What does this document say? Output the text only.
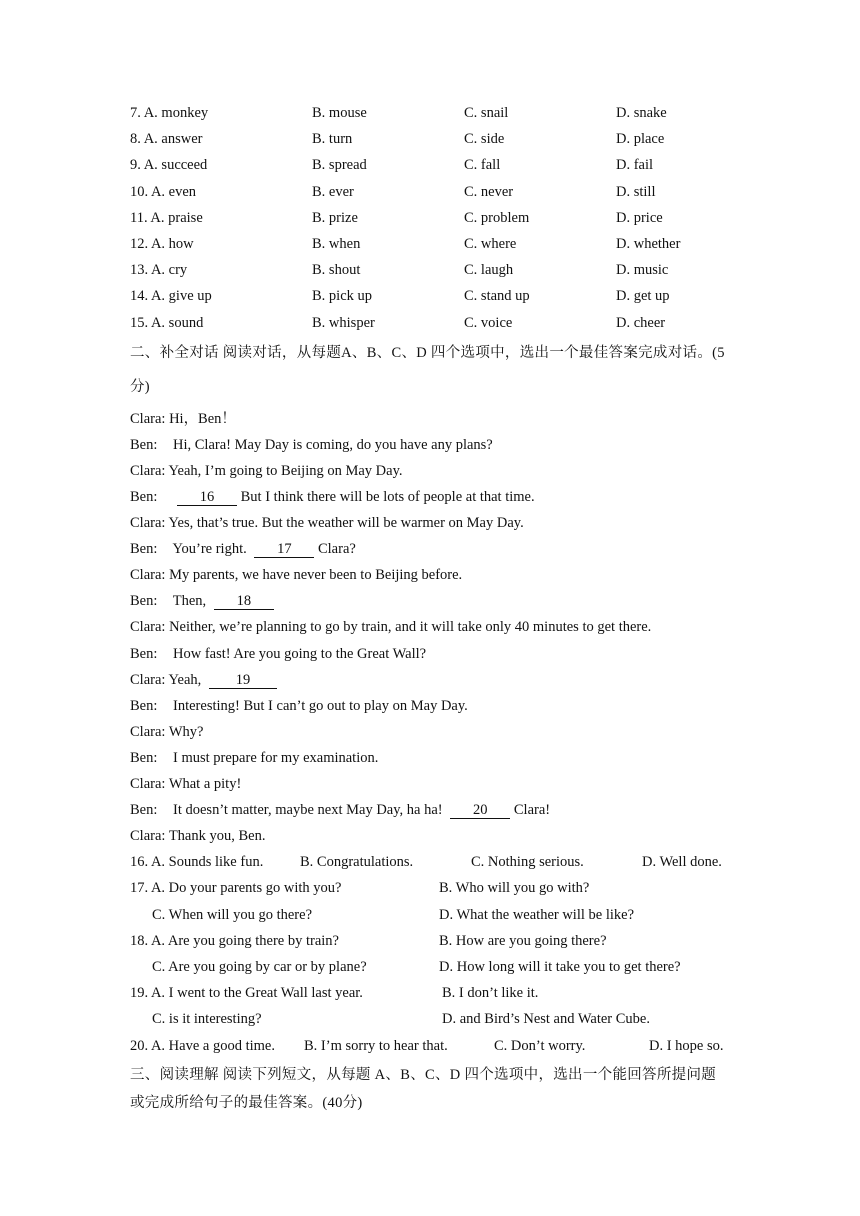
7. A. monkey	B. mouse	C. snail	D. snake
8. A. answer	B. turn	C. side	D. place
9. A. succeed	B. spread	C. fall	D. fail
10. A. even	B. ever	C. never	D. still
11. A. praise	B. prize	C. problem	D. price
12. A. how	B. when	C. where	D. whether
13. A. cry	B. shout	C. laugh	D. music
14. A. give up	B. pick up	C. stand up	D. get up
15. A. sound	B. whisper	C. voice	D. cheer
二、补全对话 阅读对话，从每题A、B、C、D 四个选项中，选出一个最佳答案完成对话。(5分)
Clara: Hi，Ben！
Ben: Hi, Clara! May Day is coming, do you have any plans?
Clara: Yeah, I’m going to Beijing on May Day.
Ben:	16 But I think there will be lots of people at that time.
Clara: Yes, that’s true. But the weather will be warmer on May Day.
Ben: You’re right. 17 Clara?
Clara: My parents, we have never been to Beijing before.
Ben: Then, 18
Clara: Neither, we’re planning to go by train, and it will take only 40 minutes to get there.
Ben: How fast! Are you going to the Great Wall?
Clara: Yeah, 19
Ben: Interesting! But I can’t go out to play on May Day.
Clara: Why?
Ben: I must prepare for my examination.
Clara: What a pity!
Ben: It doesn’t matter, maybe next May Day, ha ha! 20 Clara!
Clara: Thank you, Ben.
16. A. Sounds like fun.	B. Congratulations.	C. Nothing serious.	D. Well done.
17. A. Do your parents go with you?	B. Who will you go with?
C. When will you go there?	D. What the weather will be like?
18. A. Are you going there by train?	B. How are you going there?
C. Are you going by car or by plane?	D. How long will it take you to get there?
19. A. I went to the Great Wall last year.	B. I don’t like it.
C. is it interesting?	D. and Bird’s Nest and Water Cube.
20. A. Have a good time. B. I’m sorry to hear that.	C. Don’t worry.	D. I hope so.
三、阅读理解 阅读下列短文，从每题 A、B、C、D 四个选项中，选出一个能回答所提问题或完成所给句子的最佳答案。(40分)
